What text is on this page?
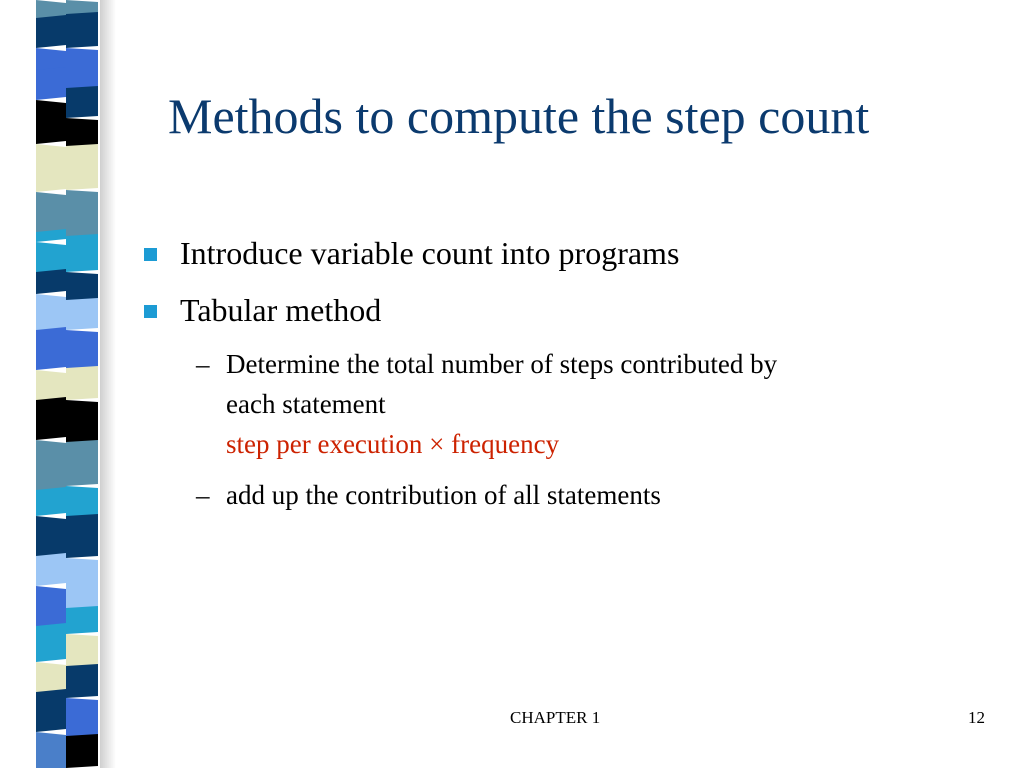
Methods to compute the step count
Introduce variable count into programs
Tabular method
– Determine the total number of steps contributed by
each statement
step per execution × frequency
– add up the contribution of all statements
CHAPTER 1	12
